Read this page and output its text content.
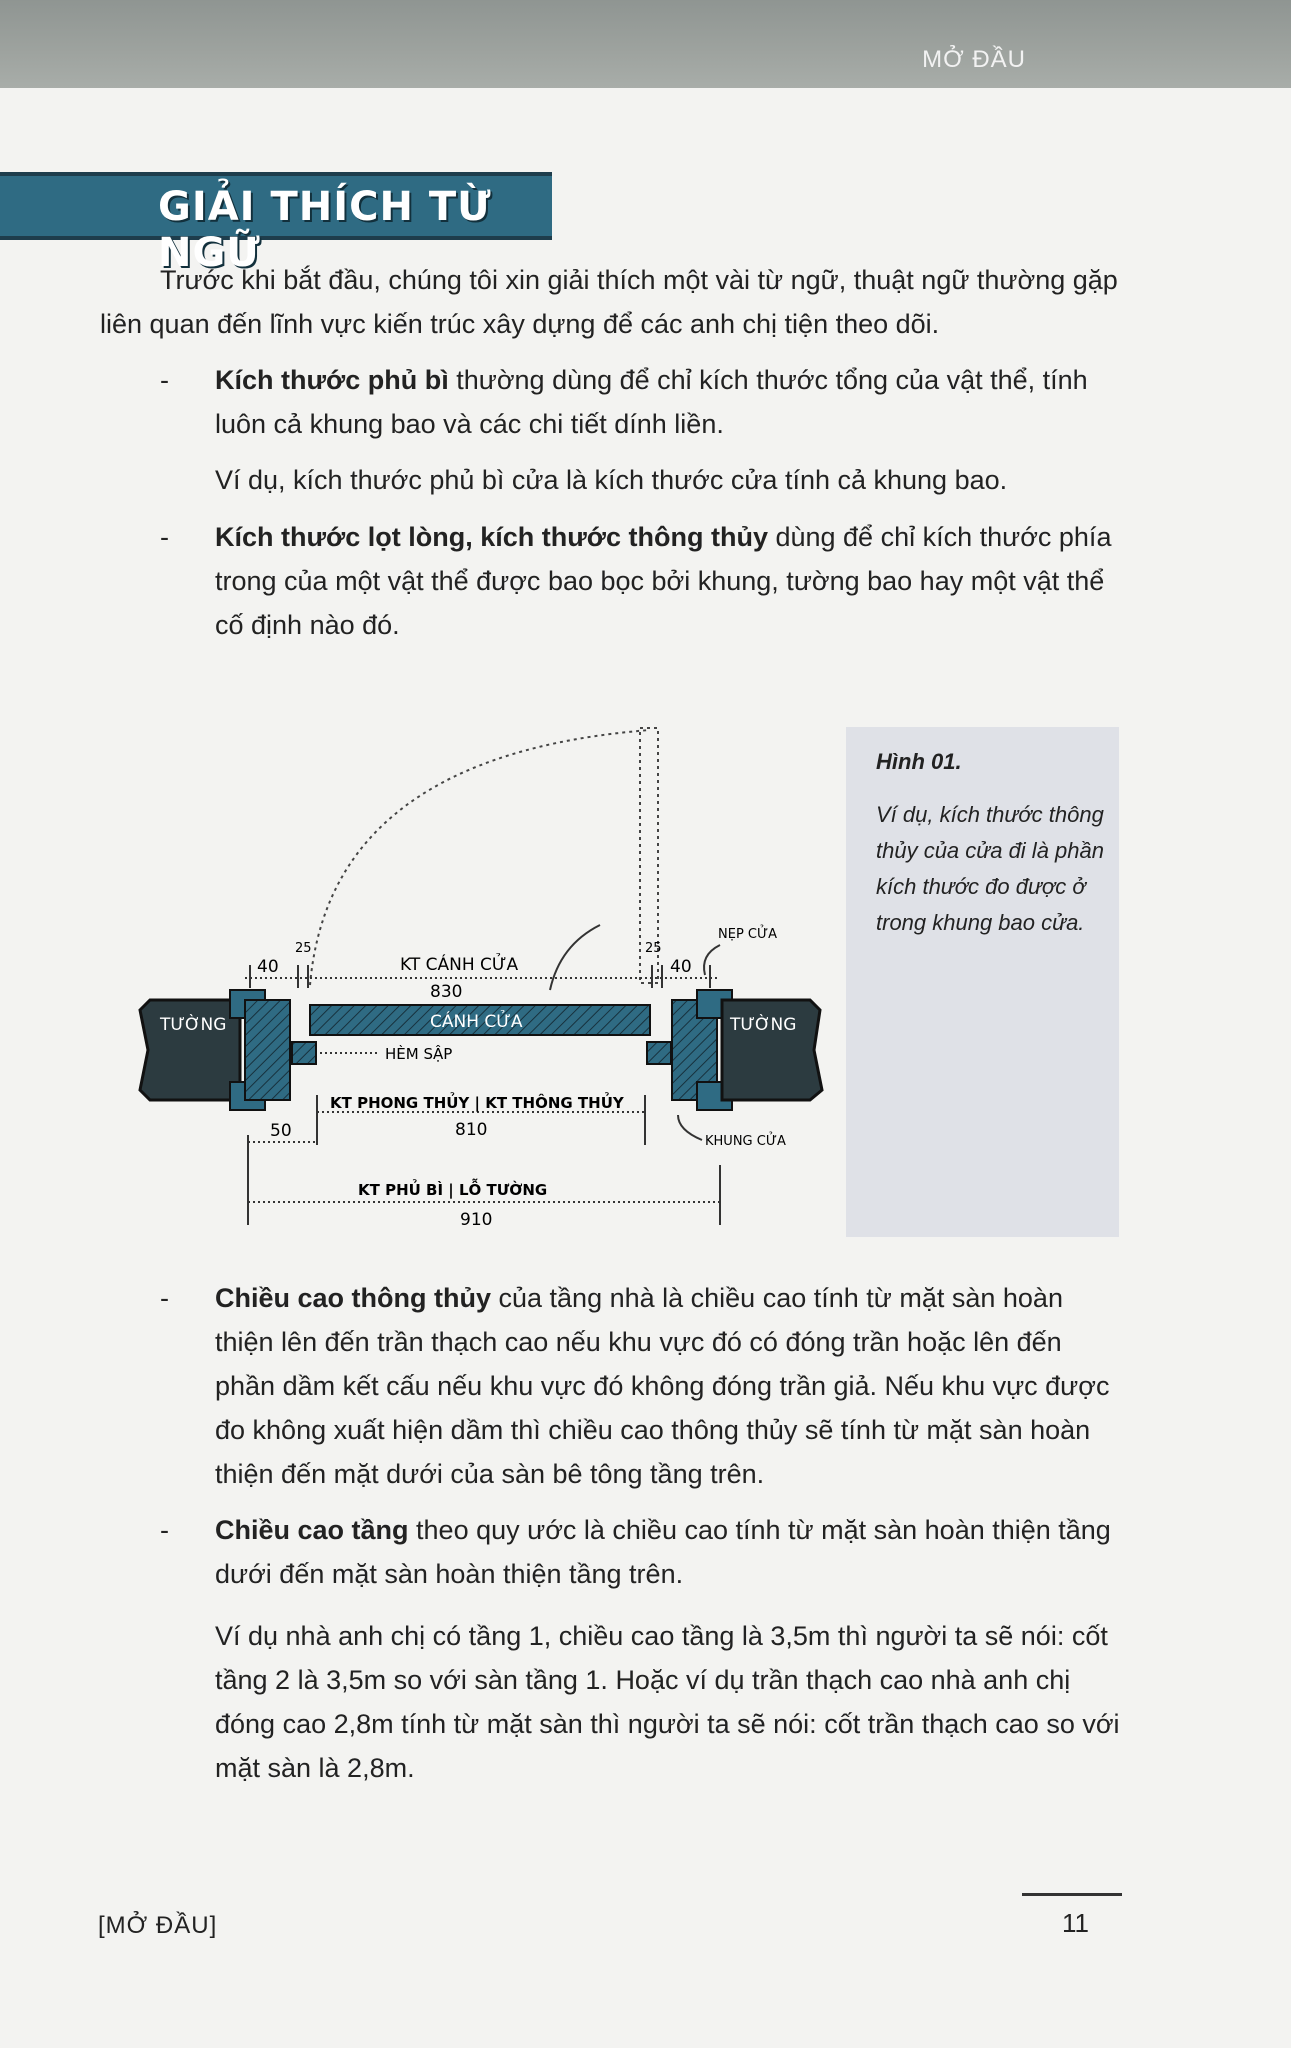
MỞ ĐẦU
GIẢI THÍCH TỪ NGỮ

Trước khi bắt đầu, chúng tôi xin giải thích một vài từ ngữ, thuật ngữ thường gặp liên quan đến lĩnh vực kiến trúc xây dựng để các anh chị tiện theo dõi.

- Kích thước phủ bì thường dùng để chỉ kích thước tổng của vật thể, tính luôn cả khung bao và các chi tiết dính liền.

Ví dụ, kích thước phủ bì cửa là kích thước cửa tính cả khung bao.

- Kích thước lọt lòng, kích thước thông thủy dùng để chỉ kích thước phía trong của một vật thể được bao bọc bởi khung, tường bao hay một vật thể cố định nào đó.

TƯỜNG	TƯỜNG
CÁNH CỬA
40
25	25
40
KT CÁNH CỬA
830
NẸP CỬA
HÈM SẬP
KT PHONG THỦY | KT THÔNG THỦY
810
KHUNG CỬA
50
KT PHỦ BÌ | LỖ TƯỜNG
910
Hình 01.
Ví dụ, kích thước thông thủy của cửa đi là phần kích thước đo được ở trong khung bao cửa.
- Chiều cao thông thủy của tầng nhà là chiều cao tính từ mặt sàn hoàn thiện lên đến trần thạch cao nếu khu vực đó có đóng trần hoặc lên đến phần dầm kết cấu nếu khu vực đó không đóng trần giả. Nếu khu vực được đo không xuất hiện dầm thì chiều cao thông thủy sẽ tính từ mặt sàn hoàn thiện đến mặt dưới của sàn bê tông tầng trên.

- Chiều cao tầng theo quy ước là chiều cao tính từ mặt sàn hoàn thiện tầng dưới đến mặt sàn hoàn thiện tầng trên.

Ví dụ nhà anh chị có tầng 1, chiều cao tầng là 3,5m thì người ta sẽ nói: cốt tầng 2 là 3,5m so với sàn tầng 1. Hoặc ví dụ trần thạch cao nhà anh chị đóng cao 2,8m tính từ mặt sàn thì người ta sẽ nói: cốt trần thạch cao so với mặt sàn là 2,8m.

[MỞ ĐẦU]	11
